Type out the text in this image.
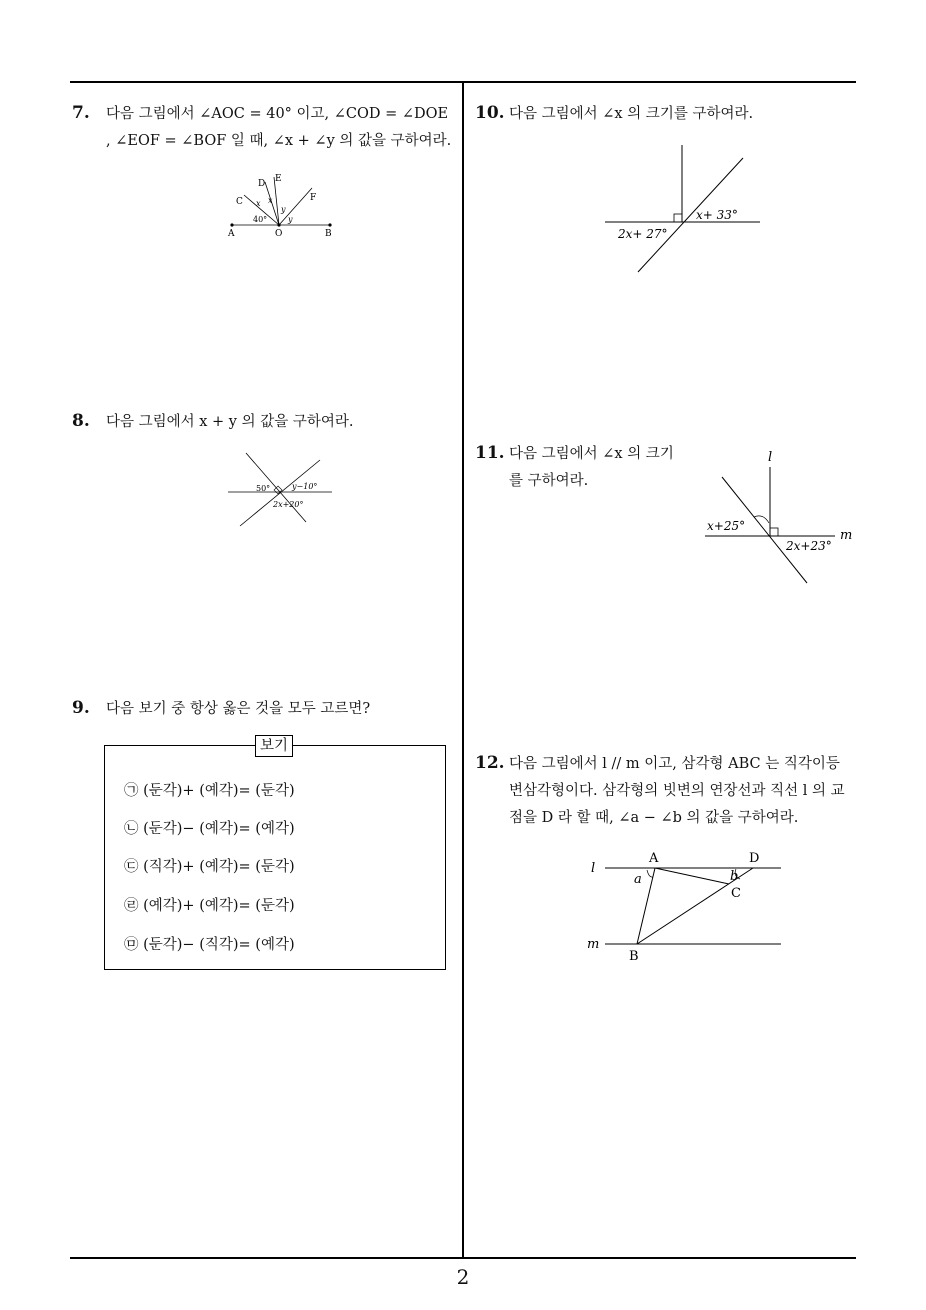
7. 다음 그림에서 ∠AOC = 40° 이고, ∠COD = ∠DOE
, ∠EOF = ∠BOF 일 때, ∠x + ∠y 의 값을 구하여라.
A	O	B
C
D E
F
40°
x x
y
y
8. 다음 그림에서 x + y 의 값을 구하여라.
50°	y−10°
2x+20°
9. 다음 보기 중 항상 옳은 것을 모두 고르면?
보기
㉠ (둔각)+ (예각)= (둔각)
㉡ (둔각)− (예각)= (예각)
㉢ (직각)+ (예각)= (둔각)
㉣ (예각)+ (예각)= (둔각)
㉤ (둔각)− (직각)= (예각)
10. 다음 그림에서 ∠x 의 크기를 구하여라.
x+ 33°
2x+ 27°
11. 다음 그림에서 ∠x 의 크기
를 구하여라.
l
m
x+25°
2x+23°
12. 다음 그림에서 l // m 이고, 삼각형 ABC 는 직각이등
변삼각형이다. 삼각형의 빗변의 연장선과 직선 l 의 교
점을 D 라 할 때, ∠a − ∠b 의 값을 구하여라.
l
m
A	D
C
B
a	b
2
